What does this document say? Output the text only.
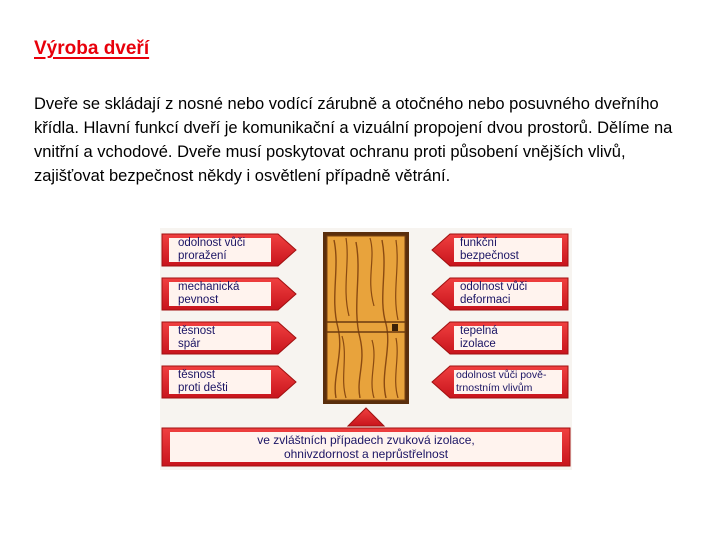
Výroba dveří
Dveře se skládají z nosné nebo vodící zárubně a otočného nebo posuvného dveřního křídla. Hlavní funkcí dveří je komunikační a vizuální propojení dvou prostorů. Dělíme na vnitřní a vchodové. Dveře musí poskytovat ochranu proti působení vnějších vlivů, zajišťovat bezpečnost někdy i osvětlení případně větrání.
odolnost vůči
proražení
mechanická
pevnost
těsnost
spár
těsnost
proti dešti
funkční
bezpečnost
odolnost vůči
deformaci
tepelná
izolace
odolnost vůči pově-
trnostním vlivům
ve zvláštních případech zvuková izolace,
ohnivzdornost a neprůstřelnost
